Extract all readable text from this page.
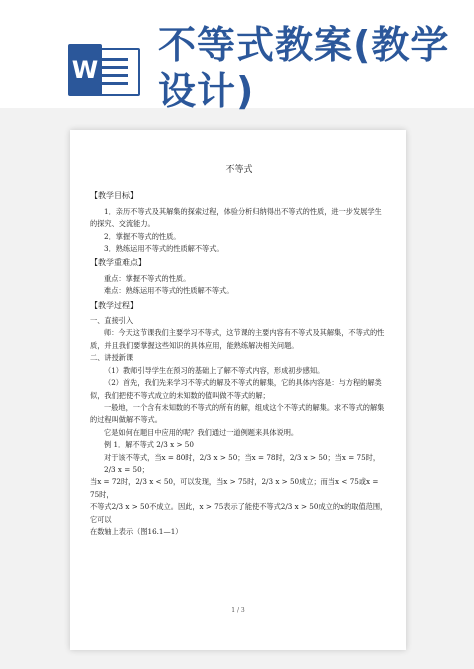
W
不等式教案(教学设计)
不等式
【教学目标】

1．亲历不等式及其解集的探索过程，体验分析归纳得出不等式的性质，进一步发展学生的探究、交流能力。

2．掌握不等式的性质。

3．熟练运用不等式的性质解不等式。

【教学重难点】

重点：掌握不等式的性质。

难点：熟练运用不等式的性质解不等式。

【教学过程】

一、直接引入

师：今天这节课我们主要学习不等式，这节课的主要内容有不等式及其解集，不等式的性质，并且我们要掌握这些知识的具体应用，能熟练解决相关问题。

二、讲授新课

（1）教师引导学生在预习的基础上了解不等式内容，形成初步感知。

（2）首先，我们先来学习不等式的解及不等式的解集，它的具体内容是：与方程的解类似，我们把使不等式成立的未知数的值叫做不等式的解；

一般地，一个含有未知数的不等式的所有的解，组成这个不等式的解集。求不等式的解集的过程叫做解不等式。

它是如何在题目中应用的呢？我们通过一道例题来具体说明。

例 1．解不等式 2/3 x > 50

对于该不等式，当x = 80时，2/3 x > 50；当x = 78时，2/3 x > 50；当x = 75时，2/3 x = 50；

当x = 72时，2/3 x < 50，可以发现，当x > 75时，2/3 x > 50成立；而当x < 75或x = 75时，

不等式2/3 x > 50不成立。因此，x > 75表示了能使不等式2/3 x > 50成立的x的取值范围，它可以

在数轴上表示（图16.1—1）

1 / 3
